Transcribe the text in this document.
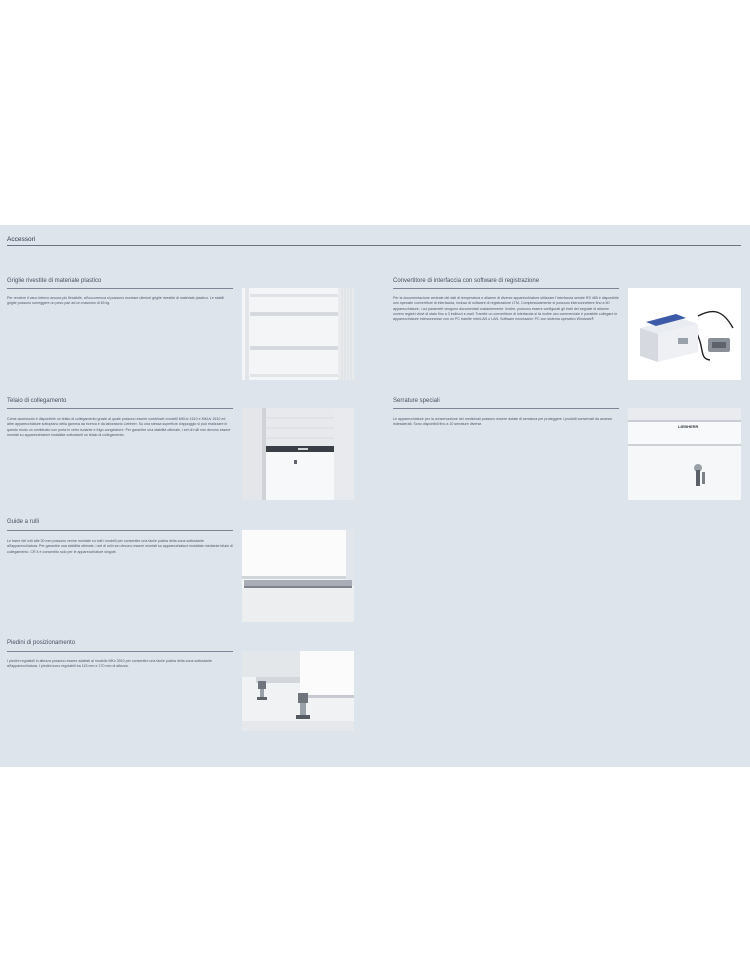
Accessori
Griglie rivestite di materiale plastico
Per rendere il vano interno ancora più flessibile, all'occorrenza si possono montare ulteriori griglie rivestite di materiale plastico. Le stabili griglie possono sorreggere un peso pari ad un massimo di 45 kg.
Convertitore di interfaccia con software di registrazione
Per la documentazione centrale dei dati di temperatura e allarme di diverse apparecchiature utilizzare l'interfaccia seriale RS 485 è disponibile uno speciale convertitore di interfaccia, incluso di software di registrazione LTM. Complessivamente si possono interconnettere fino a 50 apparecchiature, i cui parametri vengono documentati costantemente. Inoltre, possono essere configurati gli inviti del segnale di allarme ovvero registri visivi di stato fino a 3 indirizzi e-mail. Tramite un convertitore di interfaccia si fa inoltre uso commerciale è possibile collegare le apparecchiature interconnesse con un PC tramite rete/LAN o LAN. Software necessario: PC con sistema operativo Windows®
Telaio di collegamento
Come accessorio è disponibile un telaio di collegamento grazie al quale possono essere combinati i modelli MKUv 1610 e MKUv 1610 ed altre apparecchiature sottopiano della gamma da ricerca e da laboratorio Liebherr. Su una stessa superficie d'appoggio si può realizzare in questo modo un combinato con porta in vetro isolante e frigo-congelatore. Per garantire una stabilità ottimale, i set di rulli non devono essere montati su apparecchiature installate sottostanti un telaio di collegamento.
Serrature speciali
Le apparecchiature per la conservazione dei medicinali possono essere dotate di serratura per proteggere i prodotti conservati da accessi indesiderati. Sono disponibili fino a 10 serrature diverse.	LIEBHERR
Guide a rulli
Le barre dei rulli alte 30 mm possono venire montate su tutti i modelli per consentire una facile pulizia della zona sottostante all'apparecchiatura. Per garantire una stabilità ottimale, i set di rulli non devono essere montati su apparecchiature installate mediante telaio di collegamento. CR 4 è consentito solo per le apparecchiature singole.
Piedini di posizionamento
I piedini regolabili in altezza possono essere adattati al modello MKv 3910 per consentire una facile pulizia della zona sottostante all'apparecchiatura. I piedini sono regolabili tra 115 mm e 170 mm di altezza.
